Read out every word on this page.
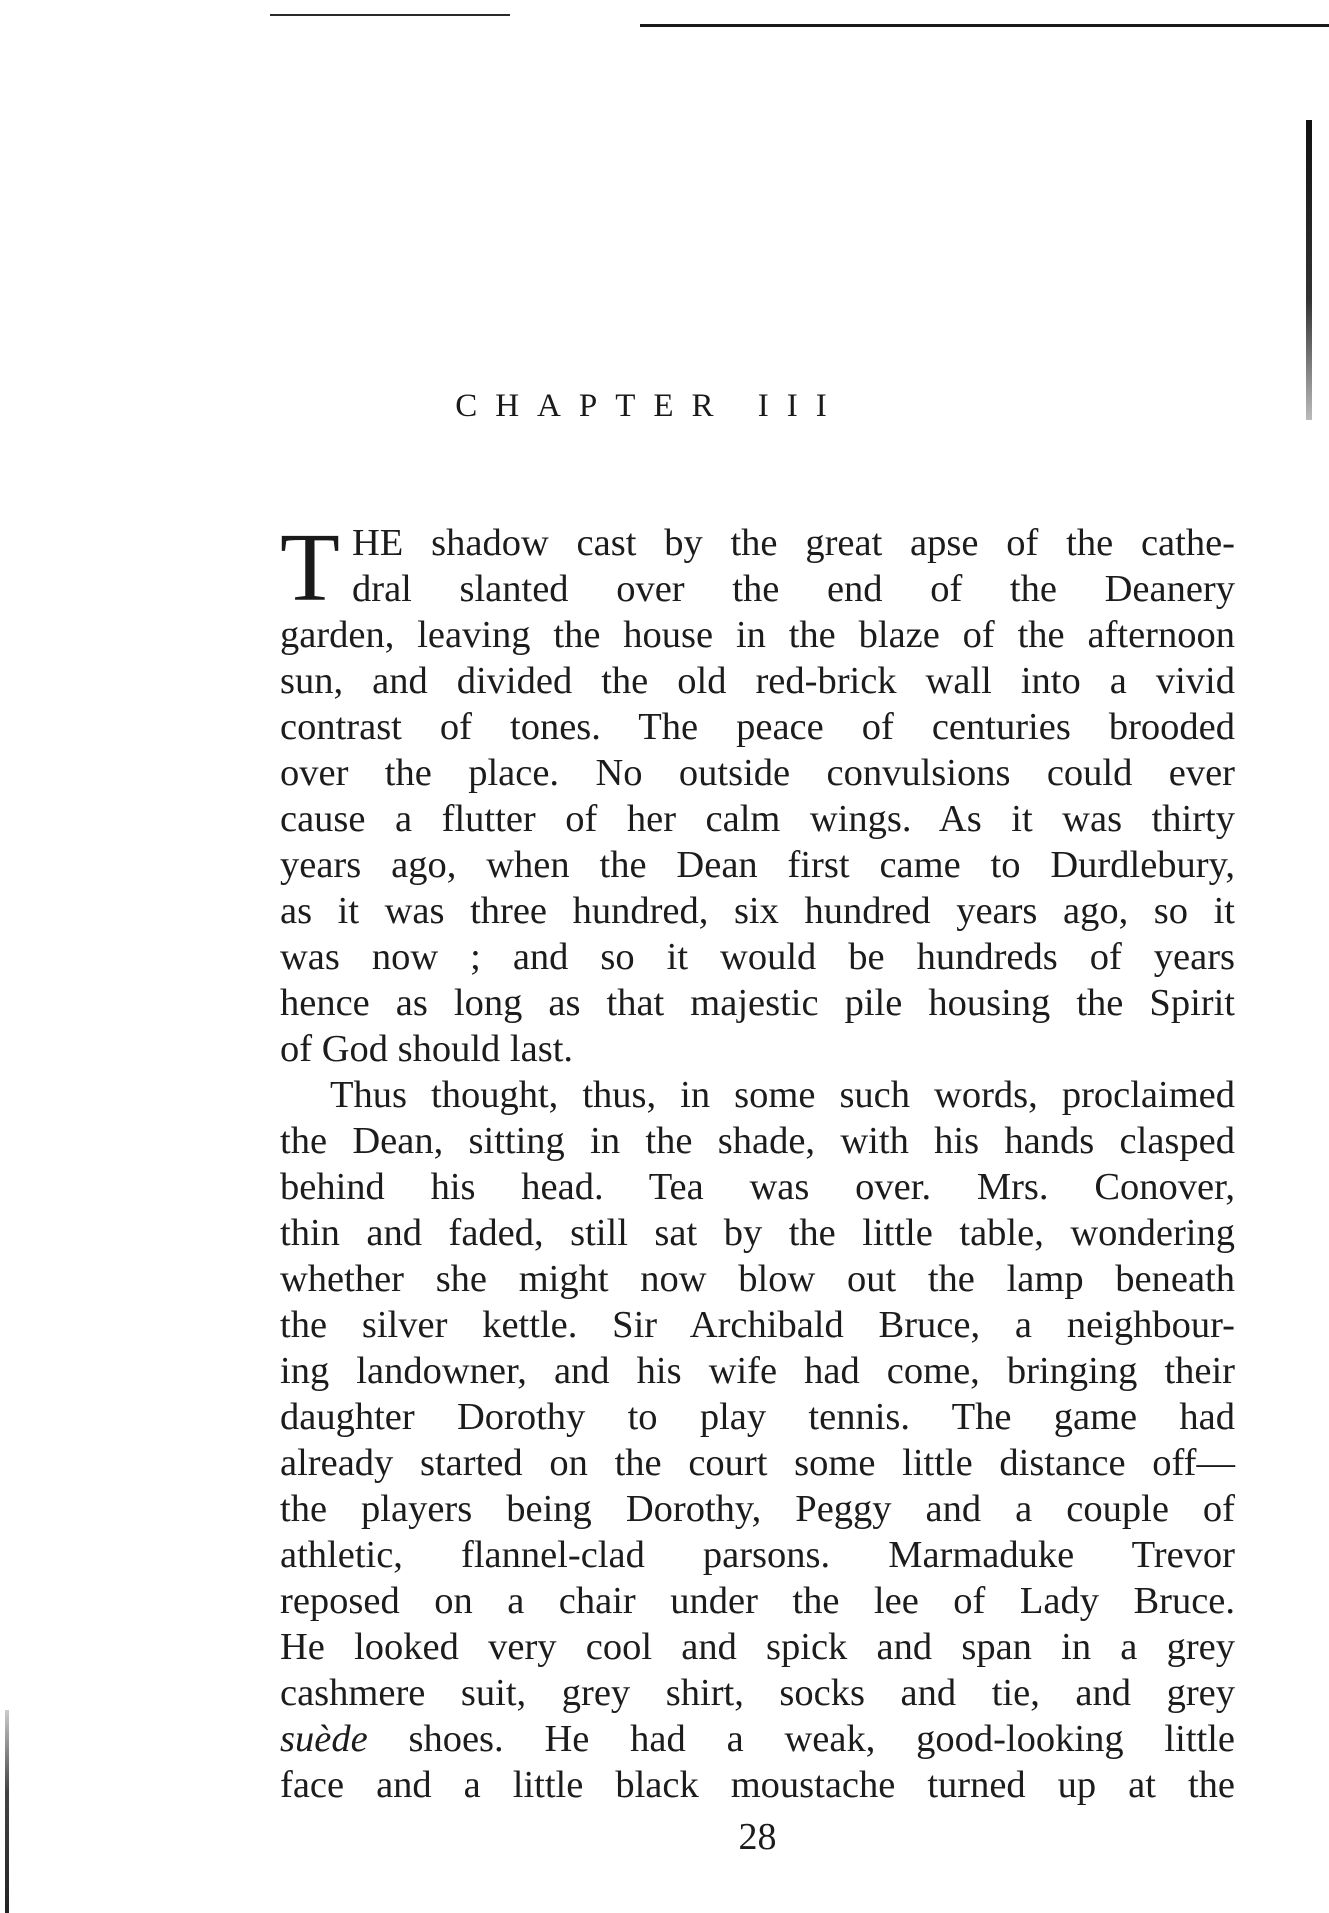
CHAPTER III
T HE shadow cast by the great apse of the cathe-
dral slanted over the end of the Deanery
garden, leaving the house in the blaze of the afternoon
sun, and divided the old red-brick wall into a vivid
contrast of tones. The peace of centuries brooded
over the place. No outside convulsions could ever
cause a flutter of her calm wings. As it was thirty
years ago, when the Dean first came to Durdlebury,
as it was three hundred, six hundred years ago, so it
was now ; and so it would be hundreds of years
hence as long as that majestic pile housing the Spirit
of God should last.
Thus thought, thus, in some such words, proclaimed
the Dean, sitting in the shade, with his hands clasped
behind his head. Tea was over. Mrs. Conover,
thin and faded, still sat by the little table, wondering
whether she might now blow out the lamp beneath
the silver kettle. Sir Archibald Bruce, a neighbour-
ing landowner, and his wife had come, bringing their
daughter Dorothy to play tennis. The game had
already started on the court some little distance off—
the players being Dorothy, Peggy and a couple of
athletic, flannel-clad parsons. Marmaduke Trevor
reposed on a chair under the lee of Lady Bruce.
He looked very cool and spick and span in a grey
cashmere suit, grey shirt, socks and tie, and grey
suède shoes. He had a weak, good-looking little
face and a little black moustache turned up at the
28
